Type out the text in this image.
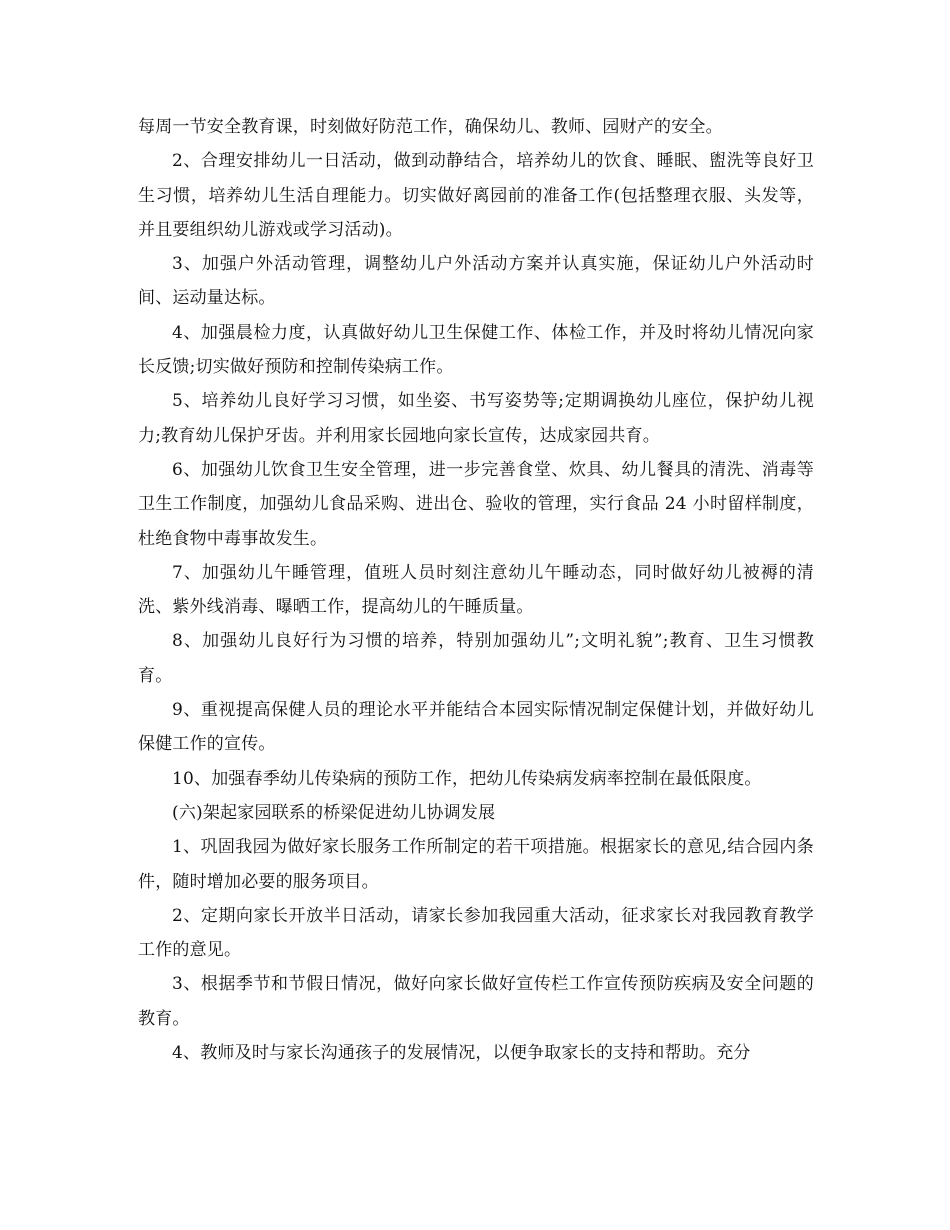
每周一节安全教育课，时刻做好防范工作，确保幼儿、教师、园财产的安全。

2、合理安排幼儿一日活动，做到动静结合，培养幼儿的饮食、睡眠、盥洗等良好卫生习惯，培养幼儿生活自理能力。切实做好离园前的准备工作(包括整理衣服、头发等，并且要组织幼儿游戏或学习活动)。

3、加强户外活动管理，调整幼儿户外活动方案并认真实施，保证幼儿户外活动时间、运动量达标。

4、加强晨检力度，认真做好幼儿卫生保健工作、体检工作，并及时将幼儿情况向家长反馈;切实做好预防和控制传染病工作。

5、培养幼儿良好学习习惯，如坐姿、书写姿势等;定期调换幼儿座位，保护幼儿视力;教育幼儿保护牙齿。并利用家长园地向家长宣传，达成家园共育。

6、加强幼儿饮食卫生安全管理，进一步完善食堂、炊具、幼儿餐具的清洗、消毒等卫生工作制度，加强幼儿食品采购、进出仓、验收的管理，实行食品 24 小时留样制度，杜绝食物中毒事故发生。

7、加强幼儿午睡管理，值班人员时刻注意幼儿午睡动态，同时做好幼儿被褥的清洗、紫外线消毒、曝晒工作，提高幼儿的午睡质量。

8、加强幼儿良好行为习惯的培养，特别加强幼儿”;文明礼貌”;教育、卫生习惯教育。

9、重视提高保健人员的理论水平并能结合本园实际情况制定保健计划，并做好幼儿保健工作的宣传。

10、加强春季幼儿传染病的预防工作，把幼儿传染病发病率控制在最低限度。

(六)架起家园联系的桥梁促进幼儿协调发展

1、巩固我园为做好家长服务工作所制定的若干项措施。根据家长的意见,结合园内条件，随时增加必要的服务项目。

2、定期向家长开放半日活动，请家长参加我园重大活动，征求家长对我园教育教学工作的意见。

3、根据季节和节假日情况，做好向家长做好宣传栏工作宣传预防疾病及安全问题的教育。

4、教师及时与家长沟通孩子的发展情况，以便争取家长的支持和帮助。充分
